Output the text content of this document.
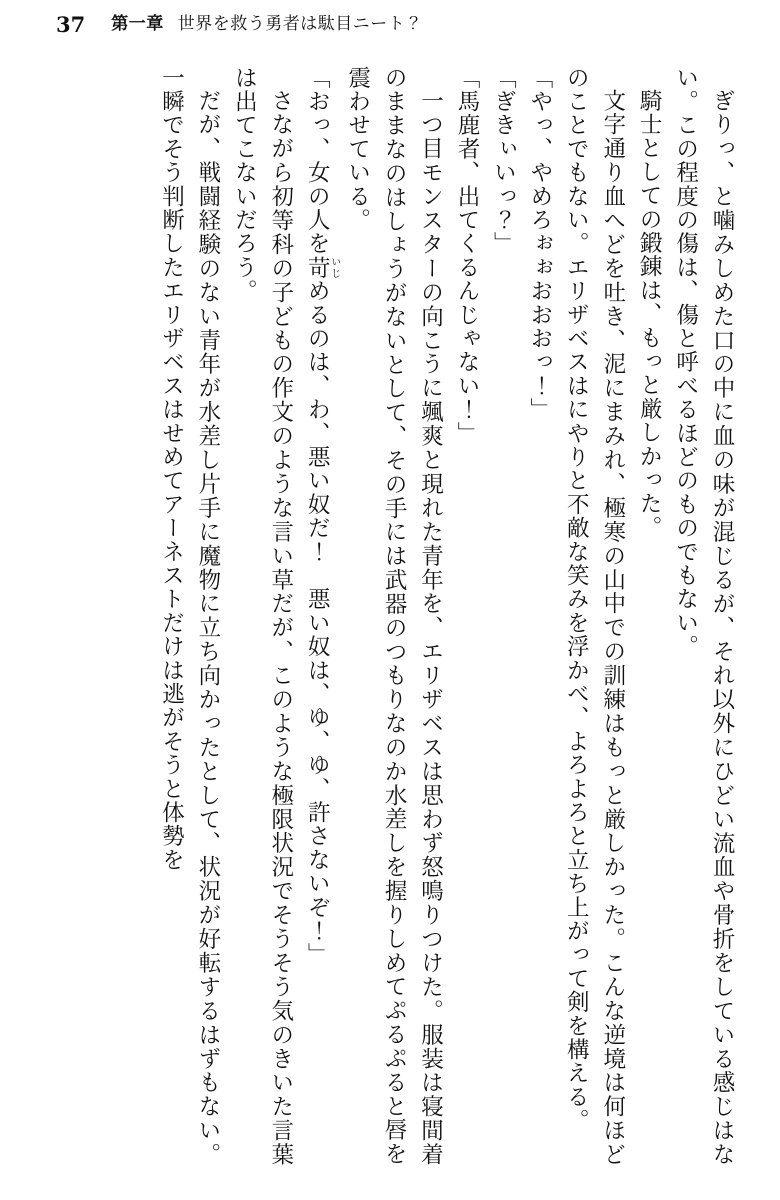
37 第一章 世界を救う勇者は駄目ニート？

ぎりっ、と噛みしめた口の中に血の味が混じるが、それ以外にひどい流血や骨折をしている感じはない。この程度の傷は、傷と呼べるほどのものでもない。

騎士としての鍛錬は、もっと厳しかった。

文字通り血へどを吐き、泥にまみれ、極寒の山中での訓練はもっと厳しかった。こんな逆境は何ほどのことでもない。エリザベスはにやりと不敵な笑みを浮かべ、よろよろと立ち上がって剣を構える。

「やっ、やめろぉぉおおおっ！」

「ぎきぃいっ？」

「馬鹿者、出てくるんじゃない！」

一つ目モンスターの向こうに颯爽と現れた青年を、エリザベスは思わず怒鳴りつけた。服装は寝間着のままなのはしょうがないとして、その手には武器のつもりなのか水差しを握りしめてぷるぷると唇を震わせている。

「おっ、女の人を苛いじめるのは、わ、悪い奴だ！　悪い奴は、ゆ、ゆ、許さないぞ！」

さながら初等科の子どもの作文のような言い草だが、このような極限状況でそうそう気のきいた言葉は出てこないだろう。

だが、戦闘経験のない青年が水差し片手に魔物に立ち向かったとして、状況が好転するはずもない。一瞬でそう判断したエリザベスはせめてアーネストだけは逃がそうと体勢を
